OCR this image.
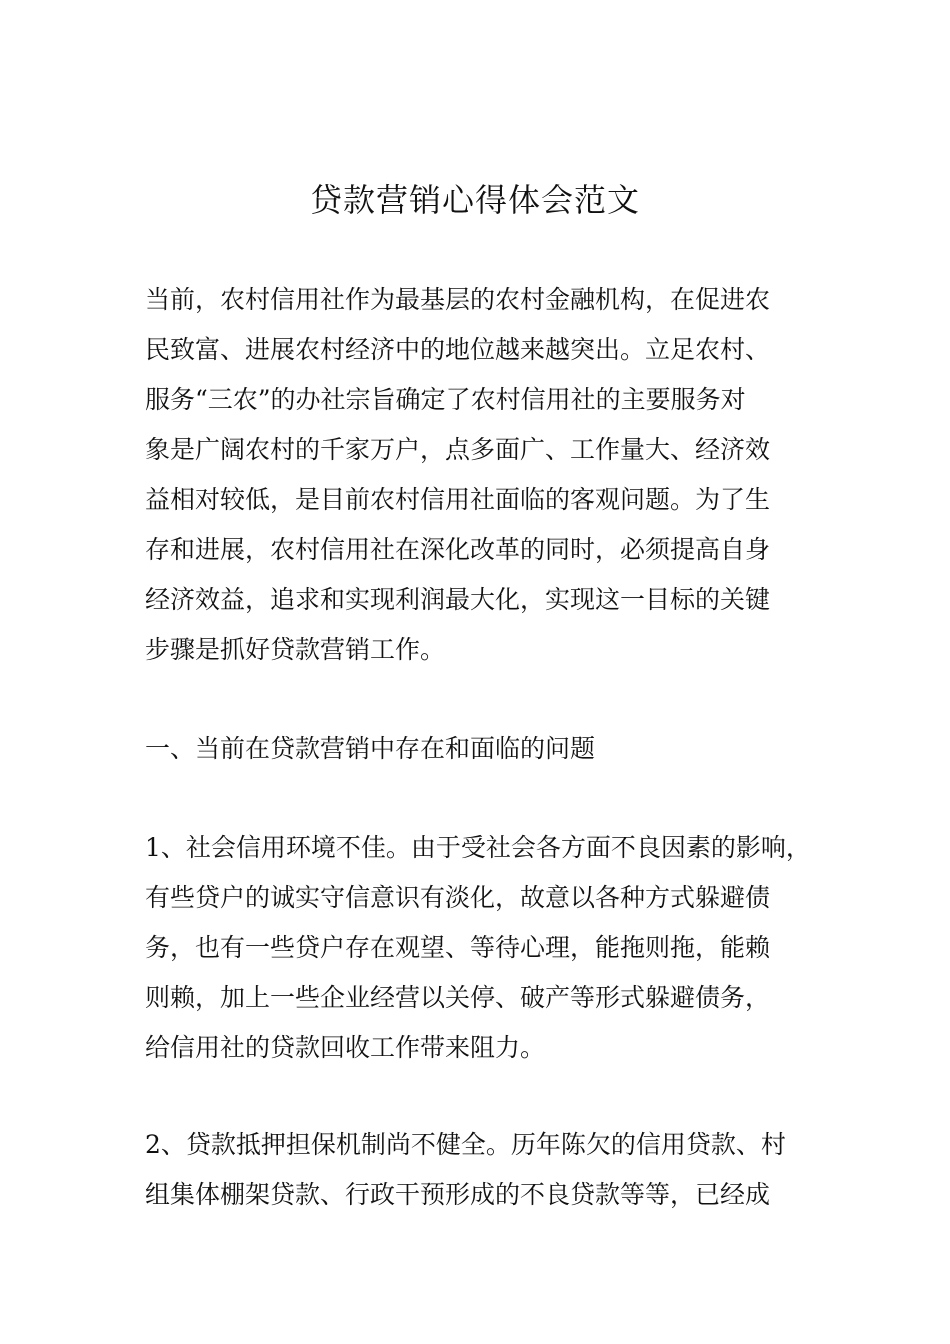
贷款营销心得体会范文

当前，农村信用社作为最基层的农村金融机构，在促进农
民致富、进展农村经济中的地位越来越突出。立足农村、
服务“三农”的办社宗旨确定了农村信用社的主要服务对
象是广阔农村的千家万户，点多面广、工作量大、经济效
益相对较低，是目前农村信用社面临的客观问题。为了生
存和进展，农村信用社在深化改革的同时，必须提高自身
经济效益，追求和实现利润最大化，实现这一目标的关键
步骤是抓好贷款营销工作。

一、当前在贷款营销中存在和面临的问题

1、社会信用环境不佳。由于受社会各方面不良因素的影响，
有些贷户的诚实守信意识有淡化，故意以各种方式躲避债
务，也有一些贷户存在观望、等待心理，能拖则拖，能赖
则赖，加上一些企业经营以关停、破产等形式躲避债务，
给信用社的贷款回收工作带来阻力。

2、贷款抵押担保机制尚不健全。历年陈欠的信用贷款、村
组集体棚架贷款、行政干预形成的不良贷款等等，已经成
